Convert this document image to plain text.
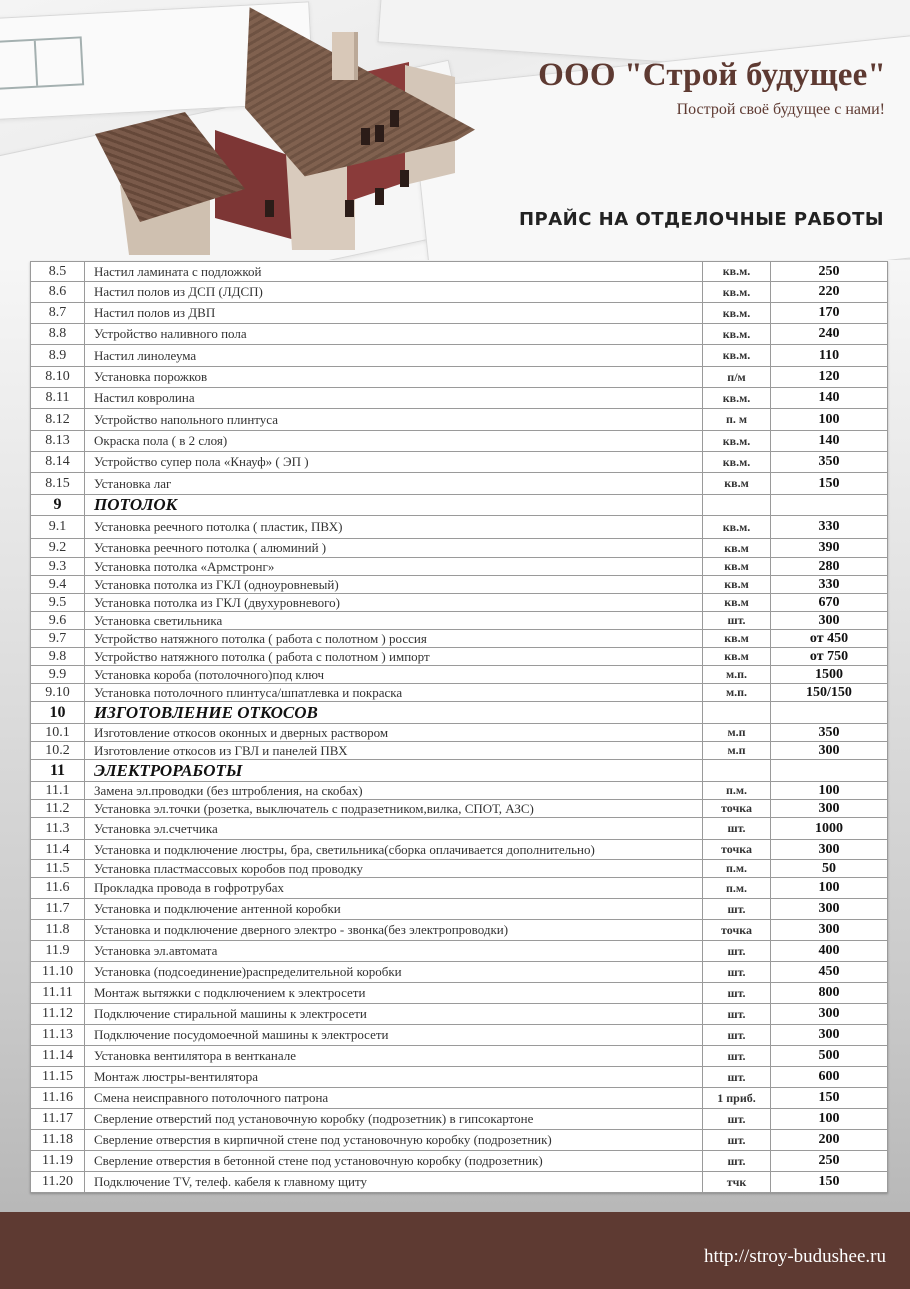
ООО "Строй будущее"
Построй своё будущее с нами!
ПРАЙС НА ОТДЕЛОЧНЫЕ РАБОТЫ
8.5	Настил ламината с подложкой	кв.м.	250
8.6	Настил полов из ДСП (ЛДСП)	кв.м.	220
8.7	Настил полов из ДВП	кв.м.	170
8.8	Устройство наливного пола	кв.м.	240
8.9	Настил линолеума	кв.м.	110
8.10	Установка порожков	п/м	120
8.11	Настил ковролина	кв.м.	140
8.12	Устройство напольного плинтуса	п. м	100
8.13	Окраска пола ( в 2 слоя)	кв.м.	140
8.14	Устройство супер пола «Кнауф» ( ЭП )	кв.м.	350
8.15	Установка лаг	кв.м	150
9	ПОТОЛОК		
9.1	Установка реечного потолка ( пластик, ПВХ)	кв.м.	330
9.2	Установка реечного потолка ( алюминий )	кв.м	390
9.3	Установка потолка «Армстронг»	кв.м	280
9.4	Установка потолка из ГКЛ (одноуровневый)	кв.м	330
9.5	Установка потолка из ГКЛ (двухуровневого)	кв.м	670
9.6	Установка светильника	шт.	300
9.7	Устройство натяжного потолка ( работа с полотном ) россия	кв.м	от 450
9.8	Устройство натяжного потолка ( работа с полотном ) импорт	кв.м	от 750
9.9	Установка короба (потолочного)под ключ	м.п.	1500
9.10	Установка потолочного плинтуса/шпатлевка и покраска	м.п.	150/150
10	ИЗГОТОВЛЕНИЕ ОТКОСОВ		
10.1	Изготовление откосов оконных и дверных раствором	м.п	350
10.2	Изготовление откосов из ГВЛ и панелей ПВХ	м.п	300
11	ЭЛЕКТРОРАБОТЫ		
11.1	Замена эл.проводки (без штробления, на скобах)	п.м.	100
11.2	Установка эл.точки (розетка, выключатель с подразетником,вилка, СПОТ, АЗС)	точка	300
11.3	Установка эл.счетчика	шт.	1000
11.4	Установка и подключение люстры, бра, светильника(сборка оплачивается дополнительно)	точка	300
11.5	Установка пластмассовых коробов под проводку	п.м.	50
11.6	Прокладка провода в гофротрубах	п.м.	100
11.7	Установка и подключение антенной коробки	шт.	300
11.8	Установка и подключение дверного электро - звонка(без электропроводки)	точка	300
11.9	Установка эл.автомата	шт.	400
11.10	Установка (подсоединение)распределительной коробки	шт.	450
11.11	Монтаж вытяжки с подключением к электросети	шт.	800
11.12	Подключение стиральной машины к электросети	шт.	300
11.13	Подключение посудомоечной машины к электросети	шт.	300
11.14	Установка вентилятора в вентканале	шт.	500
11.15	Монтаж люстры-вентилятора	шт.	600
11.16	Смена неисправного потолочного патрона	1 приб.	150
11.17	Сверление отверстий под установочную коробку (подрозетник) в гипсокартоне	шт.	100
11.18	Сверление отверстия в кирпичной стене под установочную коробку (подрозетник)	шт.	200
11.19	Сверление отверстия в бетонной стене под установочную коробку (подрозетник)	шт.	250
11.20	Подключение TV, телеф. кабеля к главному щиту	тчк	150
http://stroy-budushee.ru
